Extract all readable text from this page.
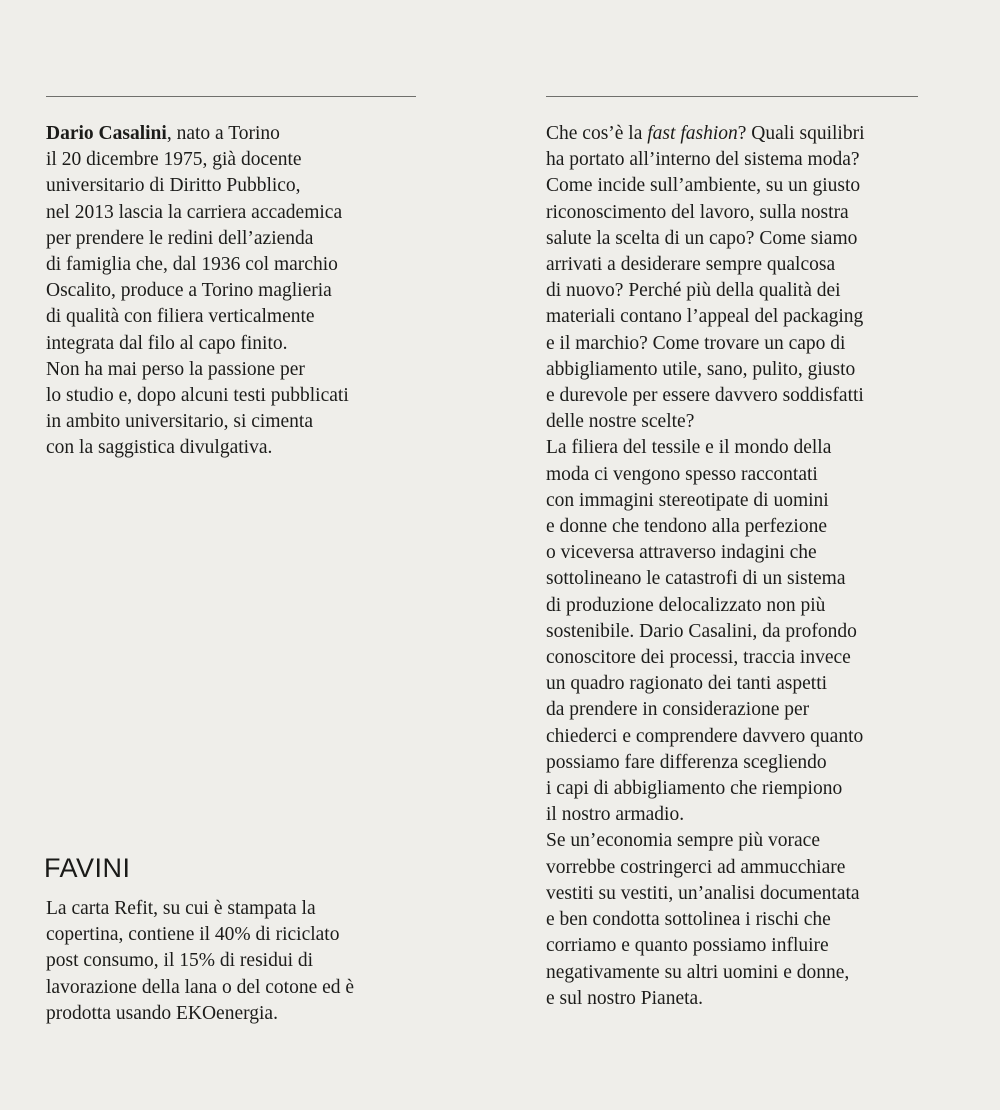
Dario Casalini, nato a Torino
il 20 dicembre 1975, già docente
universitario di Diritto Pubblico,
nel 2013 lascia la carriera accademica
per prendere le redini dell’azienda
di famiglia che, dal 1936 col marchio
Oscalito, produce a Torino maglieria
di qualità con filiera verticalmente
integrata dal filo al capo finito.
Non ha mai perso la passione per
lo studio e, dopo alcuni testi pubblicati
in ambito universitario, si cimenta
con la saggistica divulgativa.
Che cos’è la fast fashion? Quali squilibri
ha portato all’interno del sistema moda?
Come incide sull’ambiente, su un giusto
riconoscimento del lavoro, sulla nostra
salute la scelta di un capo? Come siamo
arrivati a desiderare sempre qualcosa
di nuovo? Perché più della qualità dei
materiali contano l’appeal del packaging
e il marchio? Come trovare un capo di
abbigliamento utile, sano, pulito, giusto
e durevole per essere davvero soddisfatti
delle nostre scelte?
La filiera del tessile e il mondo della
moda ci vengono spesso raccontati
con immagini stereotipate di uomini
e donne che tendono alla perfezione
o viceversa attraverso indagini che
sottolineano le catastrofi di un sistema
di produzione delocalizzato non più
sostenibile. Dario Casalini, da profondo
conoscitore dei processi, traccia invece
un quadro ragionato dei tanti aspetti
da prendere in considerazione per
chiederci e comprendere davvero quanto
possiamo fare differenza scegliendo
i capi di abbigliamento che riempiono
il nostro armadio.
Se un’economia sempre più vorace
vorrebbe costringerci ad ammucchiare
vestiti su vestiti, un’analisi documentata
e ben condotta sottolinea i rischi che
corriamo e quanto possiamo influire
negativamente su altri uomini e donne,
e sul nostro Pianeta.
FAVINI
La carta Refit, su cui è stampata la
copertina, contiene il 40% di riciclato
post consumo, il 15% di residui di
lavorazione della lana o del cotone ed è
prodotta usando EKOenergia.
